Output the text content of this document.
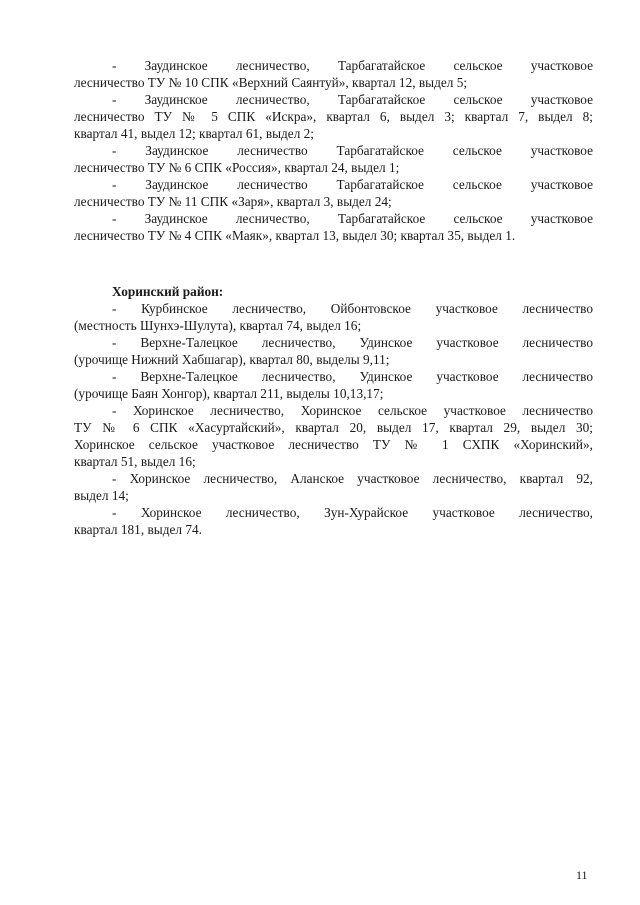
- Заудинское лесничество, Тарбагатайское сельское участковое
лесничество ТУ № 10 СПК «Верхний Саянтуй», квартал 12, выдел 5;
- Заудинское лесничество, Тарбагатайское сельское участковое
лесничество ТУ № 5 СПК «Искра», квартал 6, выдел 3; квартал 7, выдел 8;
квартал 41, выдел 12; квартал 61, выдел 2;
- Заудинское лесничество Тарбагатайское сельское участковое
лесничество ТУ № 6 СПК «Россия», квартал 24, выдел 1;
- Заудинское лесничество Тарбагатайское сельское участковое
лесничество ТУ № 11 СПК «Заря», квартал 3, выдел 24;
- Заудинское лесничество, Тарбагатайское сельское участковое
лесничество ТУ № 4 СПК «Маяк», квартал 13, выдел 30; квартал 35, выдел 1.
Хоринский район:
- Курбинское лесничество, Ойбонтовское участковое лесничество
(местность Шунхэ-Шулута), квартал 74, выдел 16;
- Верхне-Талецкое лесничество, Удинское участковое лесничество
(урочище Нижний Хабшагар), квартал 80, выделы 9,11;
- Верхне-Талецкое лесничество, Удинское участковое лесничество
(урочище Баян Хонгор), квартал 211, выделы 10,13,17;
- Хоринское лесничество, Хоринское сельское участковое лесничество
ТУ № 6 СПК «Хасуртайский», квартал 20, выдел 17, квартал 29, выдел 30;
Хоринское сельское участковое лесничество ТУ № 1 СХПК «Хоринский»,
квартал 51, выдел 16;
- Хоринское лесничество, Аланское участковое лесничество, квартал 92,
выдел 14;
- Хоринское лесничество, Зун-Хурайское участковое лесничество,
квартал 181, выдел 74.
11
